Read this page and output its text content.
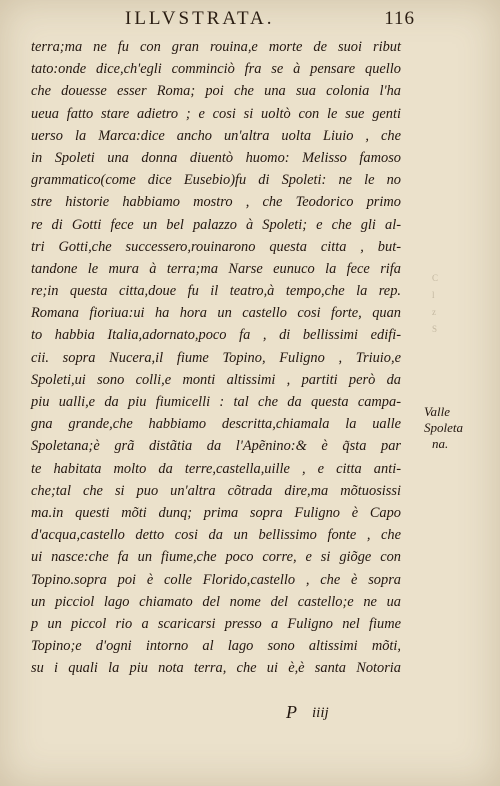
C
l
z
S
ILLVSTRATA.	116
terra;ma ne fu con gran rouina,e morte de suoi ribut
tato:onde dice,ch'egli comminciò fra se à pensare quello
che douesse esser Roma; poi che una sua colonia l'ha
ueua fatto stare adietro ; e cosi si uoltò con le sue genti
uerso la Marca:dice ancho un'altra uolta Liuio , che
in Spoleti una donna diuentò huomo: Melisso famoso
grammatico(come dice Eusebio)fu di Spoleti: ne le no
stre historie habbiamo mostro , che Teodorico primo
re di Gotti fece un bel palazzo à Spoleti; e che gli al-
tri Gotti,che successero,rouinarono questa citta , but-
tandone le mura à terra;ma Narse eunuco la fece rifa
re;in questa citta,doue fu il teatro,à tempo,che la rep.
Romana fioriua:ui ha hora un castello cosi forte, quan
to habbia Italia,adornato,poco fa , di bellissimi edifi-
cii. sopra Nucera,il fiume Topino, Fuligno , Triuio,e
Spoleti,ui sono colli,e monti altissimi , partiti però da
piu ualli,e da piu fiumicelli : tal che da questa campa-
gna grande,che habbiamo descritta,chiamala la ualle
Spoletana;è grã distãtia da l'Apẽnino:& è q̃sta par
te habitata molto da terre,castella,uille , e citta anti-
che;tal che si puo un'altra cõtrada dire,ma mõtuosissi
ma.in questi mõti dunq; prima sopra Fuligno è Capo
d'acqua,castello detto cosi da un bellissimo fonte , che
ui nasce:che fa un fiume,che poco corre, e si giõge con
Topino.sopra poi è colle Florido,castello , che è sopra
un picciol lago chiamato del nome del castello;e ne ua
p un piccol rio a scaricarsi presso a Fuligno nel fiume
Topino;e d'ogni intorno al lago sono altissimi mõti,
su i quali la piu nota terra, che ui è,è santa Notoria
Valle
Spoleta
na.
P iiij
